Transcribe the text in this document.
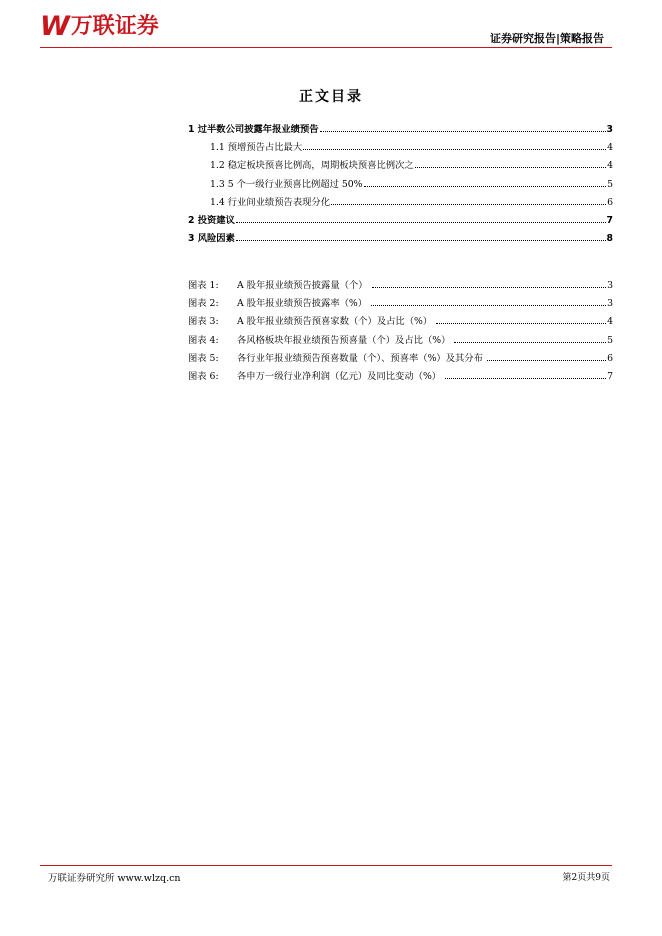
W 万联证券	证券研究报告|策略报告
正文目录
1 过半数公司披露年报业绩预告	3
1.1 预增预告占比最大	4
1.2 稳定板块预喜比例高，周期板块预喜比例次之	4
1.3 5 个一级行业预喜比例超过 50%	5
1.4 行业间业绩预告表现分化	6
2 投资建议	7
3 风险因素	8
图表 1:	A 股年报业绩预告披露量（个）	3
图表 2:	A 股年报业绩预告披露率（%）	3
图表 3:	A 股年报业绩预告预喜家数（个）及占比（%）	4
图表 4:	各风格板块年报业绩预告预喜量（个）及占比（%）	5
图表 5:	各行业年报业绩预告预喜数量（个）、预喜率（%）及其分布	6
图表 6:	各申万一级行业净利润（亿元）及同比变动（%）	7
万联证券研究所 www.wlzq.cn	第2页共9页
